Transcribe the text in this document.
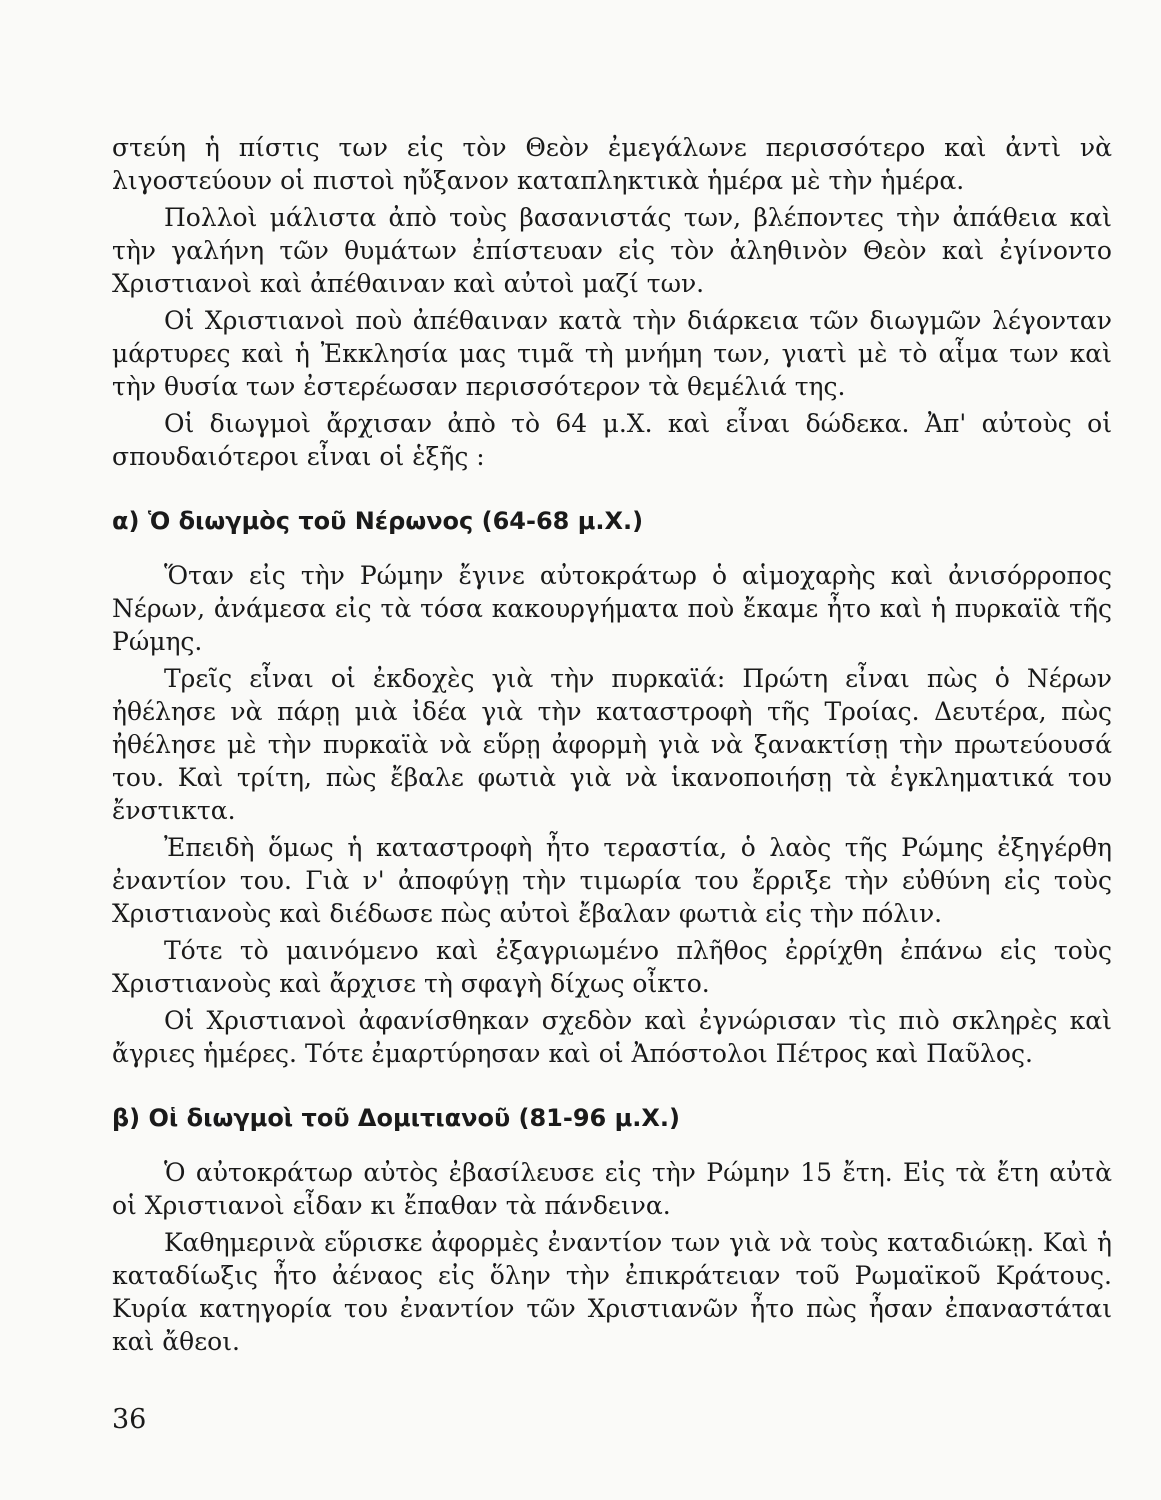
στεύη ἡ πίστις των εἰς τὸν Θεὸν ἐμεγάλωνε περισσότερο καὶ ἀντὶ νὰ λιγοστεύουν οἱ πιστοὶ ηὔξανον καταπληκτικὰ ἡμέρα μὲ τὴν ἡμέρα.

Πολλοὶ μάλιστα ἀπὸ τοὺς βασανιστάς των, βλέποντες τὴν ἀπάθεια καὶ τὴν γαλήνη τῶν θυμάτων ἐπίστευαν εἰς τὸν ἀληθινὸν Θεὸν καὶ ἐγίνοντο Χριστιανοὶ καὶ ἀπέθαιναν καὶ αὐτοὶ μαζί των.

Οἱ Χριστιανοὶ ποὺ ἀπέθαιναν κατὰ τὴν διάρκεια τῶν διωγμῶν λέγονταν μάρτυρες καὶ ἡ Ἐκκλησία μας τιμᾶ τὴ μνήμη των, γιατὶ μὲ τὸ αἷμα των καὶ τὴν θυσία των ἐστερέωσαν περισσότερον τὰ θεμέλιά της.

Οἱ διωγμοὶ ἄρχισαν ἀπὸ τὸ 64 μ.Χ. καὶ εἶναι δώδεκα. Ἀπ' αὐτοὺς οἱ σπουδαιότεροι εἶναι οἱ ἑξῆς :

α) Ὁ διωγμὸς τοῦ Νέρωνος (64-68 μ.Χ.)

Ὅταν εἰς τὴν Ρώμην ἔγινε αὐτοκράτωρ ὁ αἱμοχαρὴς καὶ ἀνισόρροπος Νέρων, ἀνάμεσα εἰς τὰ τόσα κακουργήματα ποὺ ἔκαμε ἦτο καὶ ἡ πυρκαϊὰ τῆς Ρώμης.

Τρεῖς εἶναι οἱ ἐκδοχὲς γιὰ τὴν πυρκαϊά: Πρώτη εἶναι πὼς ὁ Νέρων ἠθέλησε νὰ πάρῃ μιὰ ἰδέα γιὰ τὴν καταστροφὴ τῆς Τροίας. Δευτέρα, πὼς ἠθέλησε μὲ τὴν πυρκαϊὰ νὰ εὕρῃ ἀφορμὴ γιὰ νὰ ξανακτίσῃ τὴν πρωτεύουσά του. Καὶ τρίτη, πὼς ἔβαλε φωτιὰ γιὰ νὰ ἱκανοποιήσῃ τὰ ἐγκληματικά του ἔνστικτα.

Ἐπειδὴ ὅμως ἡ καταστροφὴ ἦτο τεραστία, ὁ λαὸς τῆς Ρώμης ἐξηγέρθη ἐναντίον του. Γιὰ ν' ἀποφύγῃ τὴν τιμωρία του ἔρριξε τὴν εὐθύνη εἰς τοὺς Χριστιανοὺς καὶ διέδωσε πὼς αὐτοὶ ἔβαλαν φωτιὰ εἰς τὴν πόλιν.

Τότε τὸ μαινόμενο καὶ ἐξαγριωμένο πλῆθος ἐρρίχθη ἐπάνω εἰς τοὺς Χριστιανοὺς καὶ ἄρχισε τὴ σφαγὴ δίχως οἶκτο.

Οἱ Χριστιανοὶ ἀφανίσθηκαν σχεδὸν καὶ ἐγνώρισαν τὶς πιὸ σκληρὲς καὶ ἄγριες ἡμέρες. Τότε ἐμαρτύρησαν καὶ οἱ Ἀπόστολοι Πέτρος καὶ Παῦλος.

β) Οἱ διωγμοὶ τοῦ Δομιτιανοῦ (81-96 μ.Χ.)

Ὁ αὐτοκράτωρ αὐτὸς ἐβασίλευσε εἰς τὴν Ρώμην 15 ἔτη. Εἰς τὰ ἔτη αὐτὰ οἱ Χριστιανοὶ εἶδαν κι ἔπαθαν τὰ πάνδεινα.

Καθημερινὰ εὕρισκε ἀφορμὲς ἐναντίον των γιὰ νὰ τοὺς καταδιώκῃ. Καὶ ἡ καταδίωξις ἦτο ἀέναος εἰς ὅλην τὴν ἐπικράτειαν τοῦ Ρωμαϊκοῦ Κράτους. Κυρία κατηγορία του ἐναντίον τῶν Χριστιανῶν ἦτο πὼς ἦσαν ἐπαναστάται καὶ ἄθεοι.

36
